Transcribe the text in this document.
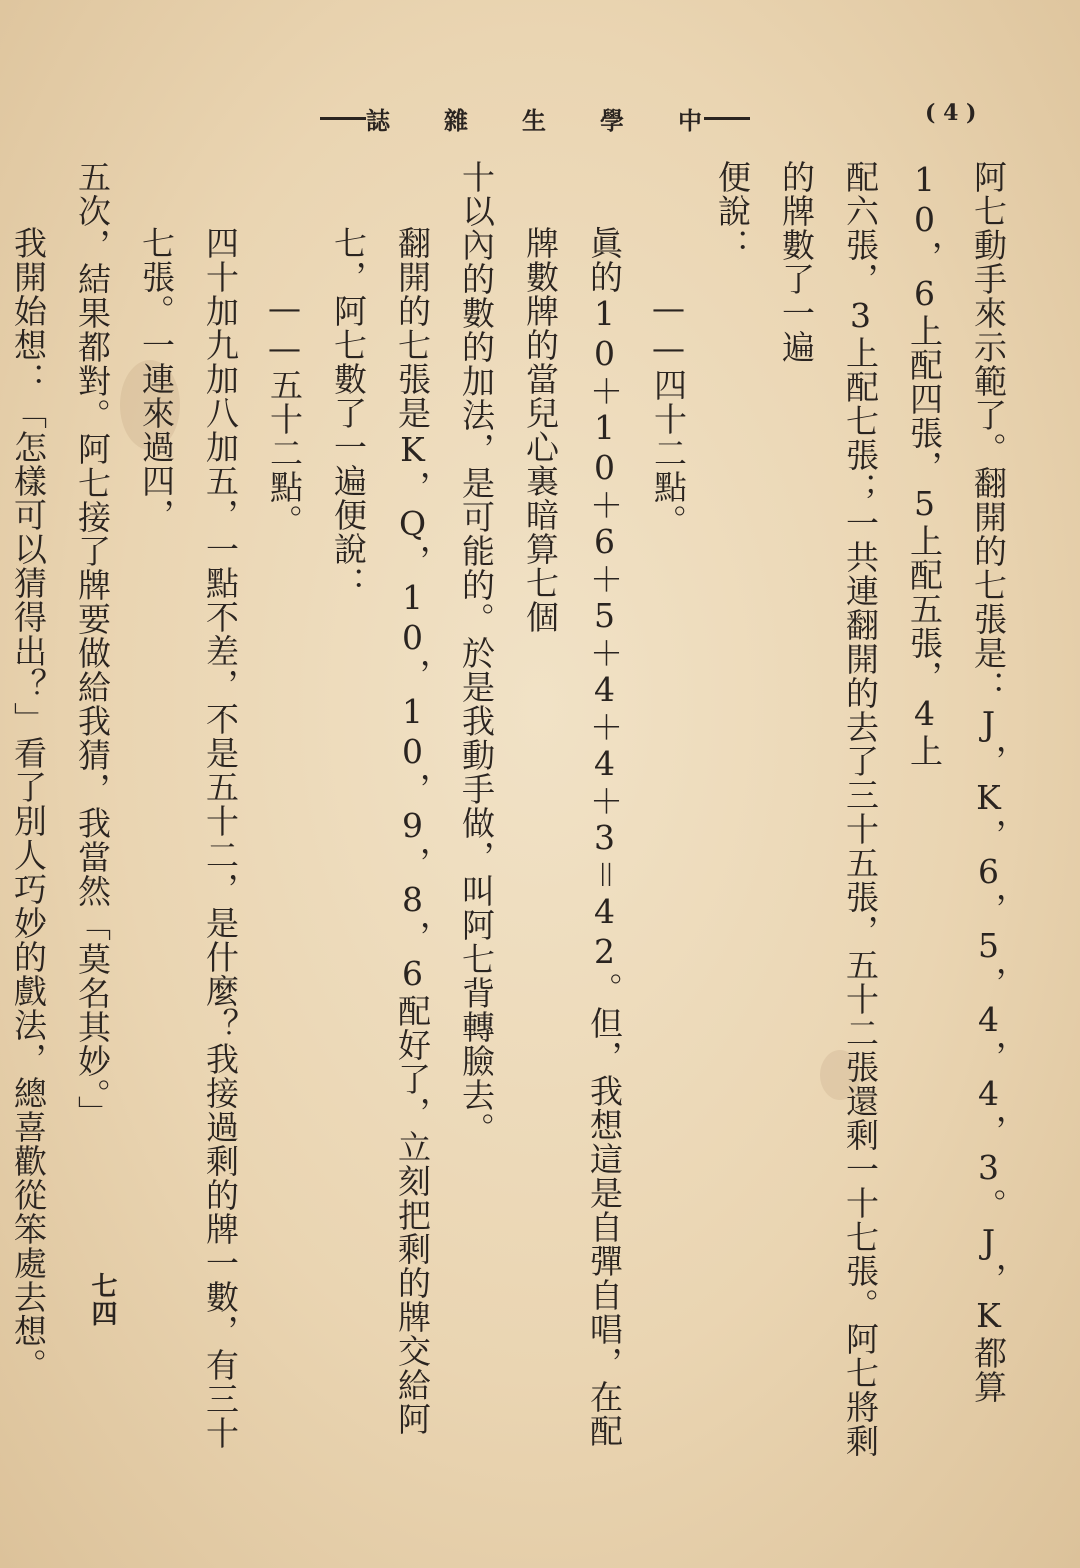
中
學
生
雜
誌	( 4 )

阿七動手來示範了。翻開的七張是：J，K，6，5，4，4，3。J，K都算10，6上配四張，5上配五張，4上

配六張，3上配七張；一共連翻開的去了三十五張，五十二張還剩一十七張。阿七將剩的牌數了一遍

便說：

——四十二點。

眞的10＋10＋6＋5＋4＋4＋3＝42。但，我想這是自彈自唱，在配牌數牌的當兒心裏暗算七個

十以內的數的加法，是可能的。於是我動手做，叫阿七背轉臉去。

翻開的七張是K，Q，10，10，9，8，6配好了，立刻把剩的牌交給阿七，阿七數了一遍便說：

——五十二點。

四十加九加八加五，一點不差，不是五十二，是什麼？我接過剩的牌一數，有三十七張。一連來過四，

五次，結果都對。阿七接了牌要做給我猜，我當然「莫名其妙。」

我開始想：「怎樣可以猜得出？」看了別人巧妙的戲法，總喜歡從笨處去想。	七四
